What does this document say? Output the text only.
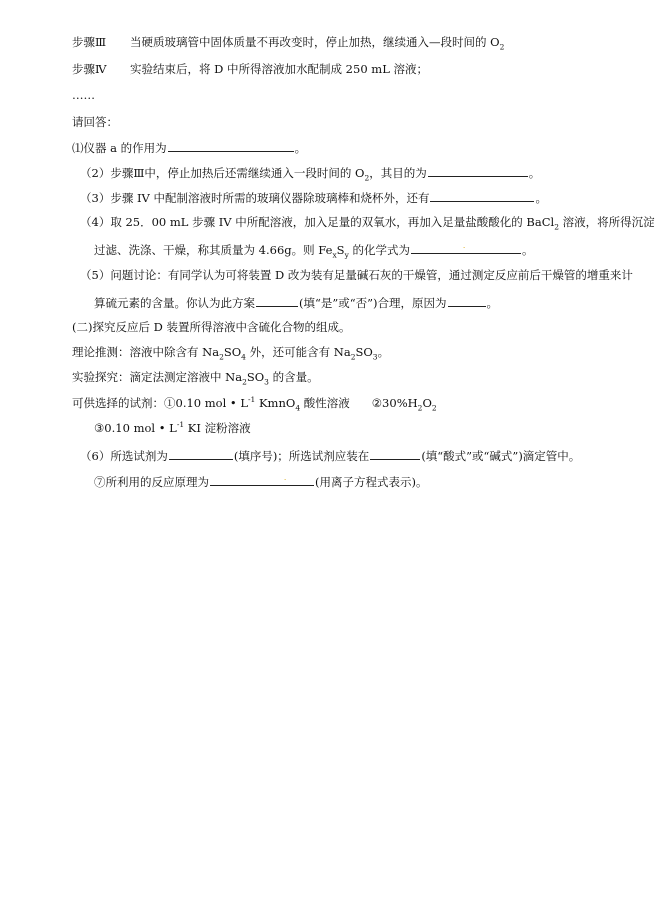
步骤Ⅲ 当硬质玻璃管中固体质量不再改变时，停止加热，继续通入—段时间的 $O_2$
步骤Ⅳ 实验结束后，将 D 中所得溶液加水配制成 250 mL 溶液；
……
请回答：
⑴仪器 a 的作用为	。
（2）步骤Ⅲ中，停止加热后还需继续通入一段时间的 $O_2$，其目的为	。
（3）步骤 IV 中配制溶液时所需的玻璃仪器除玻璃棒和烧杯外，还有	。
（4）取 25．00 mL 步骤 IV 中所配溶液，加入足量的双氧水，再加入足量盐酸酸化的 BaCl$_2$ 溶液，将所得沉淀
过滤、洗涤、干燥，称其质量为 4.66g。则 $Fe_xS_y$ 的化学式为	·	。
（5）问题讨论：有同学认为可将装置 D 改为装有足量碱石灰的干燥管，通过测定反应前后干燥管的增重来计
算硫元素的含量。你认为此方案	(填“是”或“否”)合理，原因为	。
(二)探究反应后 D 装置所得溶液中含硫化合物的组成。
理论推测：溶液中除含有 $Na_2SO_4$ 外，还可能含有 $Na_2SO_3$。
实验探究：滴定法测定溶液中 $Na_2SO_3$ 的含量。
可供选择的试剂：①0.10 mol • $L^{-1}$ KmnO$_4$ 酸性溶液 $②30\%H_2O_2$
③0.10 mol • $L^{-1}$ KI 淀粉溶液
（6）所选试剂为	(填序号)；所选试剂应装在	(填“酸式”或“碱式”)滴定管中。
⑦所利用的反应原理为	·	(用离子方程式表示)。
